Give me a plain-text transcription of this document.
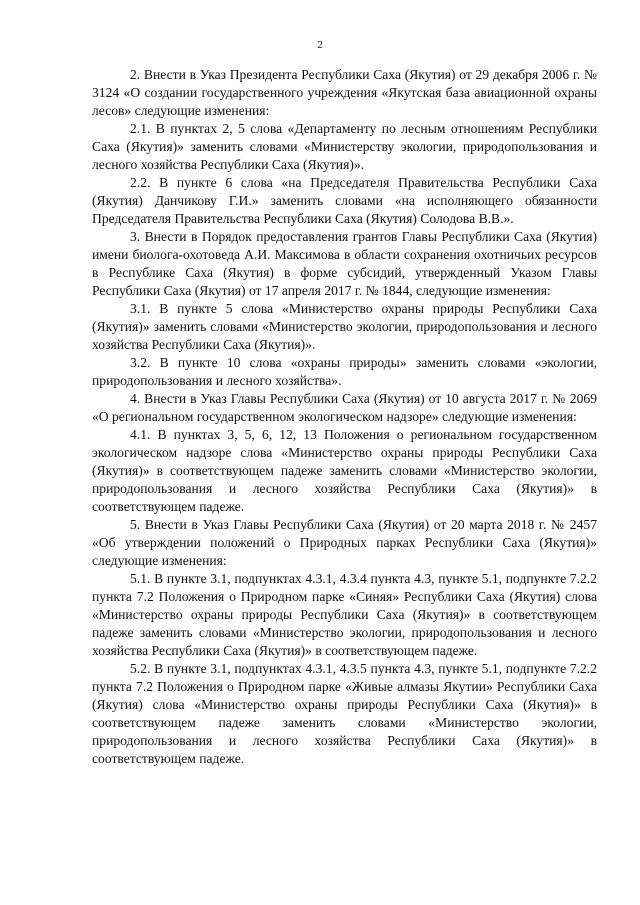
2

2. Внести в Указ Президента Республики Саха (Якутия) от 29 декабря 2006 г. № 3124 «О создании государственного учреждения «Якутская база авиационной охраны лесов» следующие изменения:

2.1. В пунктах 2, 5 слова «Департаменту по лесным отношениям Республики Саха (Якутия)» заменить словами «Министерству экологии, природопользования и лесного хозяйства Республики Саха (Якутия)».

2.2. В пункте 6 слова «на Председателя Правительства Республики Саха (Якутия) Данчикову Г.И.» заменить словами «на исполняющего обязанности Председателя Правительства Республики Саха (Якутия) Солодова В.В.».

3. Внести в Порядок предоставления грантов Главы Республики Саха (Якутия) имени биолога-охотоведа А.И. Максимова в области сохранения охотничьих ресурсов в Республике Саха (Якутия) в форме субсидий, утвержденный Указом Главы Республики Саха (Якутия) от 17 апреля 2017 г. № 1844, следующие изменения:

3.1. В пункте 5 слова «Министерство охраны природы Республики Саха (Якутия)» заменить словами «Министерство экологии, природопользования и лесного хозяйства Республики Саха (Якутия)».

3.2. В пункте 10 слова «охраны природы» заменить словами «экологии, природопользования и лесного хозяйства».

4. Внести в Указ Главы Республики Саха (Якутия) от 10 августа 2017 г. № 2069 «О региональном государственном экологическом надзоре» следующие изменения:

4.1. В пунктах 3, 5, 6, 12, 13 Положения о региональном государственном экологическом надзоре слова «Министерство охраны природы Республики Саха (Якутия)» в соответствующем падеже заменить словами «Министерство экологии, природопользования и лесного хозяйства Республики Саха (Якутия)» в соответствующем падеже.

5. Внести в Указ Главы Республики Саха (Якутия) от 20 марта 2018 г. № 2457 «Об утверждении положений о Природных парках Республики Саха (Якутия)» следующие изменения:

5.1. В пункте 3.1, подпунктах 4.3.1, 4.3.4 пункта 4.3, пункте 5.1, подпункте 7.2.2 пункта 7.2 Положения о Природном парке «Синяя» Республики Саха (Якутия) слова «Министерство охраны природы Республики Саха (Якутия)» в соответствующем падеже заменить словами «Министерство экологии, природопользования и лесного хозяйства Республики Саха (Якутия)» в соответствующем падеже.

5.2. В пункте 3.1, подпунктах 4.3.1, 4.3.5 пункта 4.3, пункте 5.1, подпункте 7.2.2 пункта 7.2 Положения о Природном парке «Живые алмазы Якутии» Республики Саха (Якутия) слова «Министерство охраны природы Республики Саха (Якутия)» в соответствующем падеже заменить словами «Министерство экологии, природопользования и лесного хозяйства Республики Саха (Якутия)» в соответствующем падеже.
